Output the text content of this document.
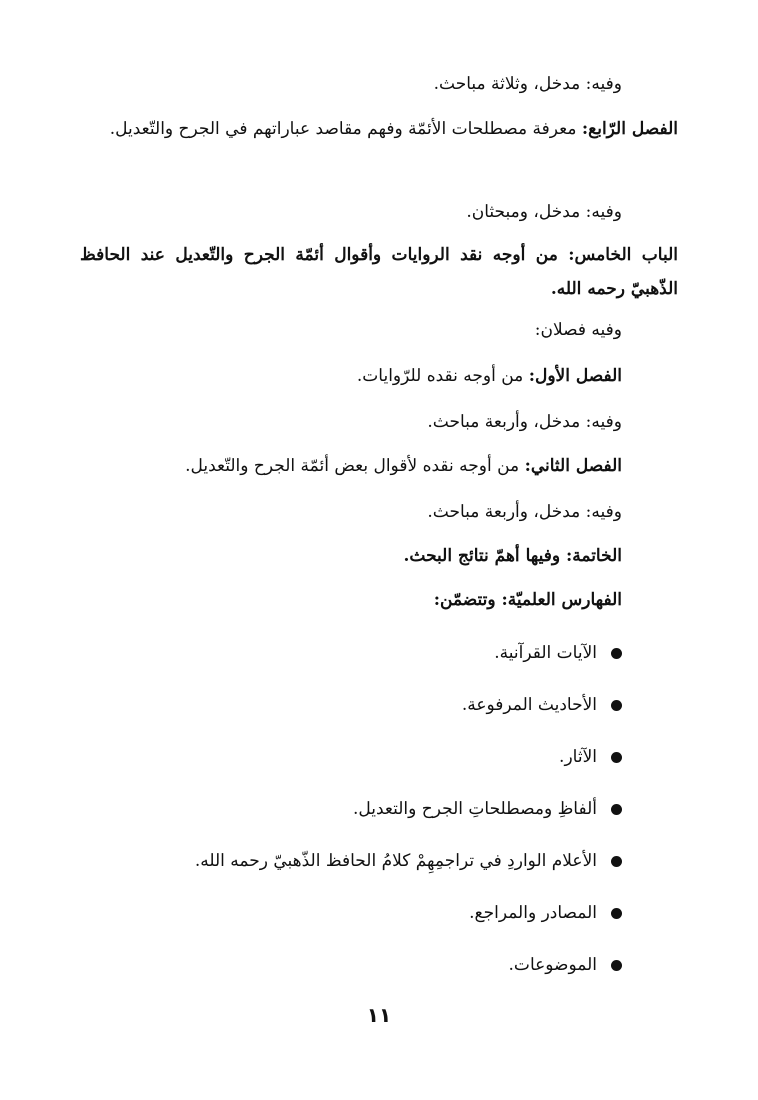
وفيه: مدخل، وثلاثة مباحث.
الفصل الرّابع: معرفة مصطلحات الأئمّة وفهم مقاصد عباراتهم في الجرح والتّعديل.
وفيه: مدخل، ومبحثان.
الباب الخامس: من أوجه نقد الروايات وأقوال أئمّة الجرح والتّعديل عند الحافظ الذّهبيّ رحمه الله.
وفيه فصلان:
الفصل الأول: من أوجه نقده للرّوايات.
وفيه: مدخل، وأربعة مباحث.
الفصل الثاني: من أوجه نقده لأقوال بعض أئمّة الجرح والتّعديل.
وفيه: مدخل، وأربعة مباحث.
الخاتمة: وفيها أهمّ نتائج البحث.
الفهارس العلميّة: وتتضمّن:
الآيات القرآنية.
الأحاديث المرفوعة.
الآثار.
ألفاظِ ومصطلحاتِ الجرح والتعديل.
الأعلام الواردِ في تراجمِهِمْ كلامُ الحافظ الذّهبيّ رحمه الله.
المصادر والمراجع.
الموضوعات.
١١
